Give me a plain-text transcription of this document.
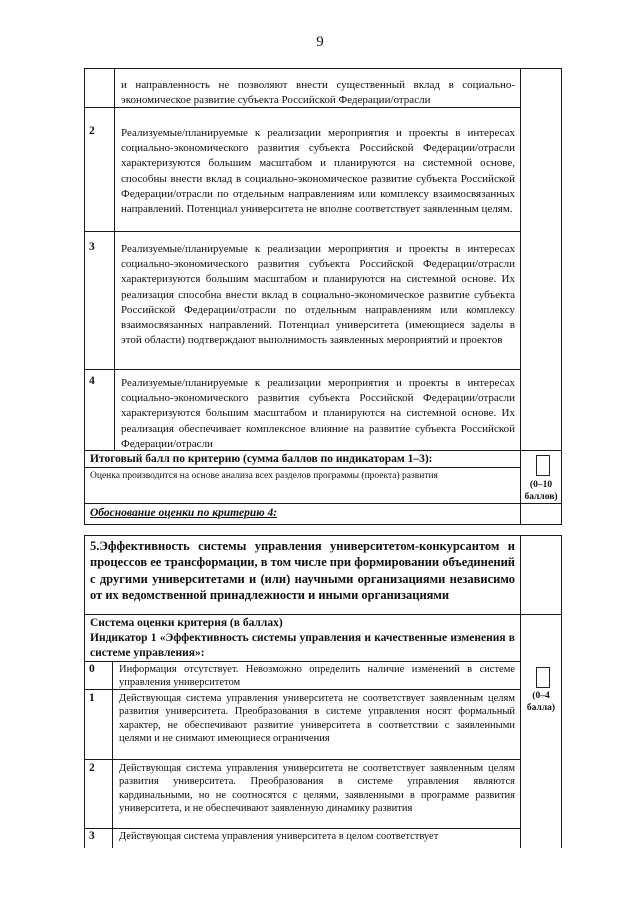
9
и направленность не позволяют внести существенный вклад в социально-экономическое развитие субъекта Российской Федерации/отрасли
2 Реализуемые/планируемые к реализации мероприятия и проекты в интересах социально-экономического развития субъекта Российской Федерации/отрасли характеризуются большим масштабом и планируются на системной основе, способны внести вклад в социально-экономическое развитие субъекта Российской Федерации/отрасли по отдельным направлениям или комплексу взаимосвязанных направлений. Потенциал университета не вполне соответствует заявленным целям.
3 Реализуемые/планируемые к реализации мероприятия и проекты в интересах социально-экономического развития субъекта Российской Федерации/отрасли характеризуются большим масштабом и планируются на системной основе. Их реализация способна внести вклад в социально-экономическое развитие субъекта Российской Федерации/отрасли по отдельным направлениям или комплексу взаимосвязанных направлений. Потенциал университета (имеющиеся заделы в этой области) подтверждают выполнимость заявленных мероприятий и проектов
4 Реализуемые/планируемые к реализации мероприятия и проекты в интересах социально-экономического развития субъекта Российской Федерации/отрасли характеризуются большим масштабом и планируются на системной основе. Их реализация обеспечивает комплексное влияние на развитие субъекта Российской Федерации/отрасли
Итоговый балл по критерию (сумма баллов по индикаторам 1–3):
Оценка производится на основе анализа всех разделов программы (проекта) развития
(0–10 баллов)
Обоснование оценки по критерию 4:
5.Эффективность системы управления университетом-конкурсантом и процессов ее трансформации, в том числе при формировании объединений с другими университетами и (или) научными организациями независимо от их ведомственной принадлежности и иными организациями
Система оценки критерия (в баллах)
Индикатор 1 «Эффективность системы управления и качественные изменения в системе управления»:
(0–4 балла)
0 Информация отсутствует. Невозможно определить наличие изменений в системе управления университетом
1 Действующая система управления университета не соответствует заявленным целям развития университета. Преобразования в системе управления носят формальный характер, не обеспечивают развитие университета в соответствии с заявленными целями и не снимают имеющиеся ограничения
2 Действующая система управления университета не соответствует заявленным целям развития университета. Преобразования в системе управления являются кардинальными, но не соотносятся с целями, заявленными в программе развития университета, и не обеспечивают заявленную динамику развития
3 Действующая система управления университета в целом соответствует
